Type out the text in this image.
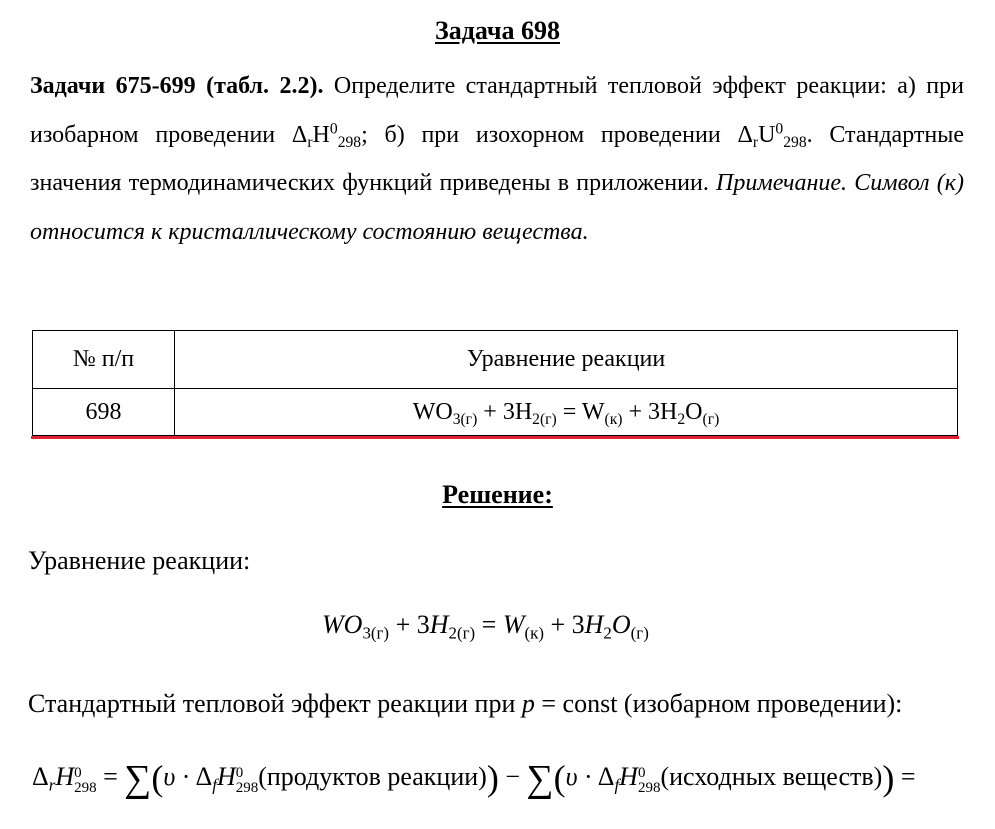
Задача 698
Задачи 675-699 (табл. 2.2). Определите стандартный тепловой эффект реакции: а) при изобарном проведении $\Delta_rH^0_{298}$; б) при изохорном проведении $\Delta_rU^0_{298}$. Стандартные значения термодинамических функций приведены в приложении. Примечание. Символ (к) относится к кристаллическому состоянию вещества.
№ п/п	Уравнение реакции
698	$WO_{3(г)} + 3H_{2(г)} = W_{(к)} + 3H_2O_{(г)}$
Решение:
Уравнение реакции:
$WO_{3(г)} + 3H_{2(г)} = W_{(к)} + 3H_2O_{(г)}$
Стандартный тепловой эффект реакции при p = const (изобарном проведении):
$\Delta_rH$ 0
$298 = \sum(\upsilon \cdot \Delta_fH$ 0
298 (продуктов реакции)) − $\sum(\upsilon \cdot \Delta_fH$ 0
298 (исходных веществ)) =
